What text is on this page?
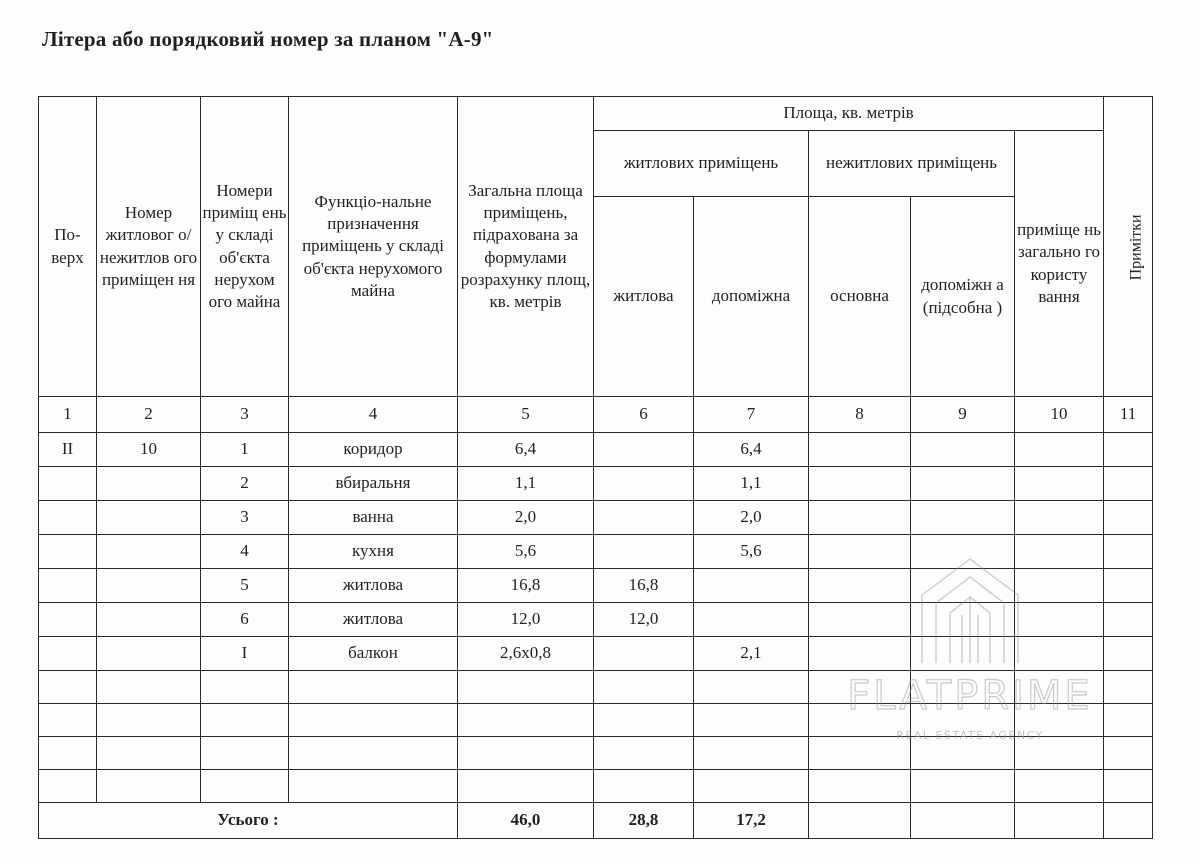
Літера або порядковий номер за планом "А-9"
По-верх	Номер житловог о/ нежитлов ого приміщен ня	Номери приміщ ень у складі об'єкта нерухом ого майна	Функціо-нальне призначення приміщень у складі об'єкта нерухомого майна	Загальна площа приміщень, підрахована за формулами розрахунку площ, кв. метрів	Площа, кв. метрів					Примітки
					житлових приміщень		нежитлових приміщень		приміще нь загально го користу вання	
					житлова	допоміжна	основна	допоміжн а (підсобна )		
1	2	3	4	5	6	7	8	9	10	11
II	10	1	коридор	6,4		6,4				
		2	вбиральня	1,1		1,1				
		3	ванна	2,0		2,0				
		4	кухня	5,6		5,6				
		5	житлова	16,8	16,8					
		6	житлова	12,0	12,0					
		I	балкон	2,6x0,8		2,1				

Усього :				46,0	28,8	17,2				
FLATPRIME
REAL ESTATE AGENCY
